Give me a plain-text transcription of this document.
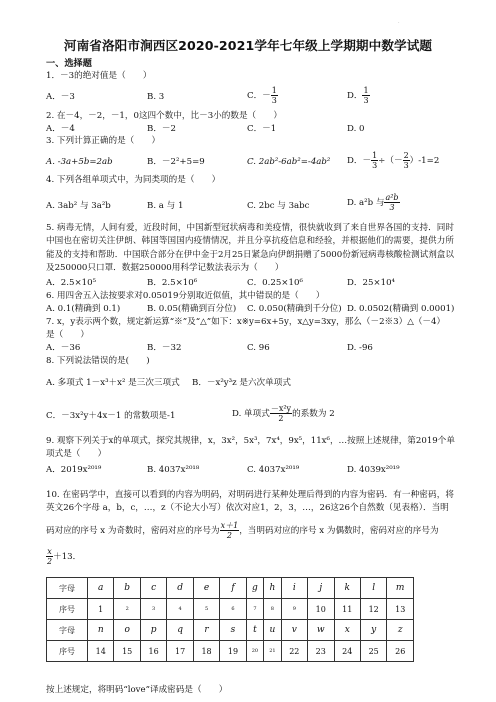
·
河南省洛阳市涧西区2020-2021学年七年级上学期期中数学试题
一、选择题
1．－3的绝对值是（　　）
A．－3	B. 3	C．－ $\frac{1}{3}$	D． $\frac{1}{3}$
2. 在－4，－2，－1，0这四个数中，比－3小的数是（　　）
A．－4	B．－2	C．－1	D. 0
3. 下列计算正确的是（　　）
A. -3a+5b=2ab	B．－2²+5=9	C. 2ab²-6ab²=-4ab² D．－ $\frac{1}{3}$ ÷（－ $\frac{2}{3} )-1=2$
4. 下列各组单项式中，为同类项的是（　　）
A. 3ab² 与 3a²b	B. a 与 1	C. 2bc 与 3abc	D. a²b 与 $\frac{\text{a²b}}{3}$
5. 病毒无情，人间有爱，近段时间，中国新型冠状病毒和美疫情，很快就收到了来自世界各国的支持．同时中国也在密切关注伊朗、韩国等国国内疫情情况，并且分享抗疫信息和经验，并根据他们的需要，提供力所能及的支持和帮助．中国联合部分在伊中金于2月25日紧急向伊朗捐赠了5000份新冠病毒核酸检测试剂盒以及250000只口罩．数据250000用科学记数法表示为（　　）
A．2.5×10⁵	B．2.5×10⁶	C．0.25×10⁶	D．25×10⁴
6. 用四舍五入法按要求对0.05019分别取近似值，其中错误的是（　　）
A. 0.1(精确到 0.1)	B. 0.05(精确到百分位) C. 0.050(精确到千分位) D. 0.0502(精确到 0.0001)
7. x，y表示两个数，规定新运算“※”及“△”如下：x※y=6x+5y，x△y=3xy，那么（－2※3）△（－4）
是（　　）
A．－36	B．－32	C. 96	D. -96
8. 下列说法错误的是(　　)
A. 多项式 1－x³＋x² 是三次三项式 B．－x²y³z 是六次单项式
C．－3x²y＋4x－1 的常数项是-1	D. 单项式 $\frac{\text{－x²y}}{2}$ 的系数为 2
9. 观察下列关于x的单项式，探究其规律，x，3x²，5x³，7x⁴，9x⁵，11x⁶，…按照上述规律，第2019个单
项式是（　　）
A．2019x²⁰¹⁹	B. 4037x²⁰¹⁸	C. 4037x²⁰¹⁹	D. 4039x²⁰¹⁹
10. 在密码学中，直接可以看到的内容为明码，对明码进行某种处理后得到的内容为密码．有一种密码，将英文26个字母 a，b，c，…，z（不论大小写）依次对应1，2，3，…，26这26个自然数（见表格）．当明
码对应的序号 x 为奇数时，密码对应的序号为 $\frac{x+1}{2}$ ，当明码对应的序号 x 为偶数时，密码对应的序号为
$\frac{x}{2} +13$．
字母	a	b	c	d	e	f	g	h	i	j	k	l	m
序号	1	2	3	4	5	6	7	8	9	10	11	12	13
字母	n	o	p	q	r	s	t	u	v	w	x	y	z
序号	14	15	16	17	18	19	20	21	22	23	24	25	26
按上述规定，将明码“love”译成密码是（　　）
